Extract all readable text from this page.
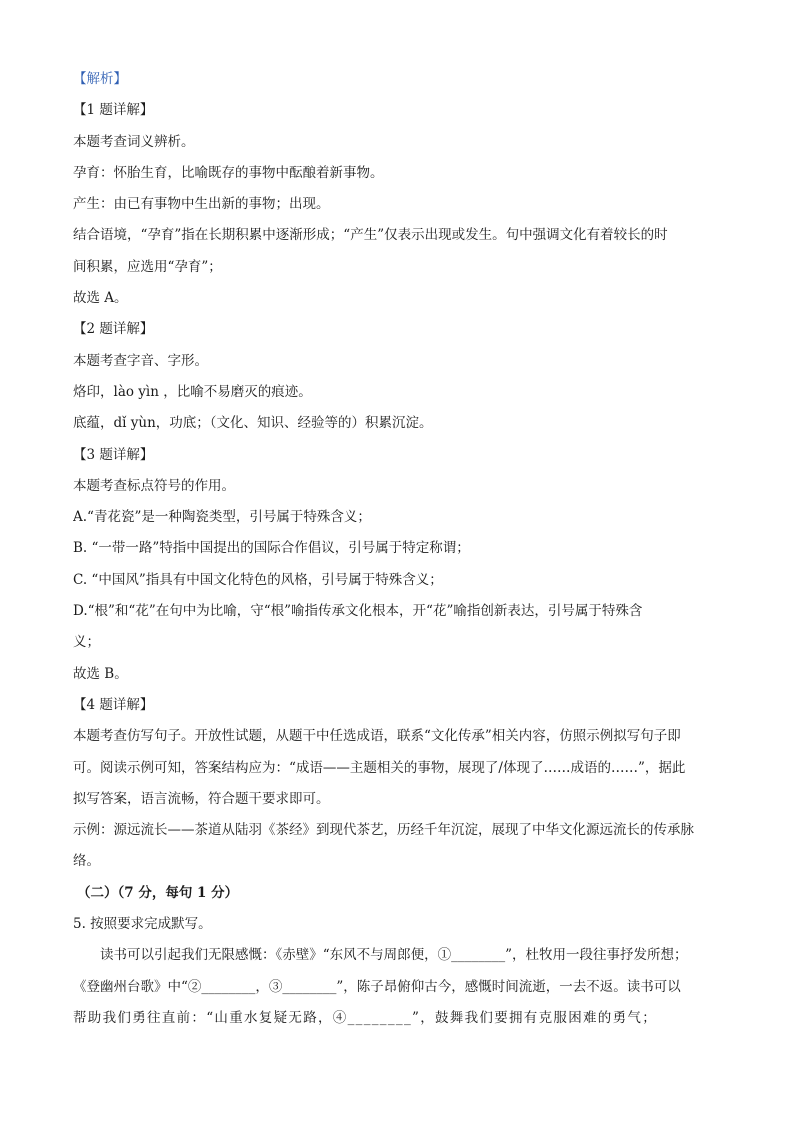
【解析】
【1 题详解】
本题考查词义辨析。
孕育：怀胎生育，比喻既存的事物中酝酿着新事物。
产生：由已有事物中生出新的事物；出现。
结合语境，“孕育”指在长期积累中逐渐形成；“产生”仅表示出现或发生。句中强调文化有着较长的时
间积累，应选用“孕育”；
故选 A。
【2 题详解】
本题考查字音、字形。
烙印，lào yìn ，比喻不易磨灭的痕迹。
底蕴，dǐ yùn，功底；（文化、知识、经验等的）积累沉淀。
【3 题详解】
本题考查标点符号的作用。
A.“青花瓷”是一种陶瓷类型，引号属于特殊含义；
B. “一带一路”特指中国提出的国际合作倡议，引号属于特定称谓；
C. “中国风”指具有中国文化特色的风格，引号属于特殊含义；
D.“根”和“花”在句中为比喻，守“根”喻指传承文化根本，开“花”喻指创新表达，引号属于特殊含
义；
故选 B。
【4 题详解】
本题考查仿写句子。开放性试题，从题干中任选成语，联系“文化传承”相关内容，仿照示例拟写句子即
可。阅读示例可知，答案结构应为：“成语——主题相关的事物，展现了/体现了……成语的……”，据此
拟写答案，语言流畅，符合题干要求即可。
示例：源远流长——茶道从陆羽《茶经》到现代茶艺，历经千年沉淀，展现了中华文化源远流长的传承脉
络。
（二）（7 分，每句 1 分）
5. 按照要求完成默写。
读书可以引起我们无限感慨：《赤壁》“东风不与周郎便，①________”，杜牧用一段往事抒发所想；
《登幽州台歌》中“②________，③________”，陈子昂俯仰古今，感慨时间流逝，一去不返。读书可以
帮助我们勇往直前：“山重水复疑无路，④________”，鼓舞我们要拥有克服困难的勇气；
